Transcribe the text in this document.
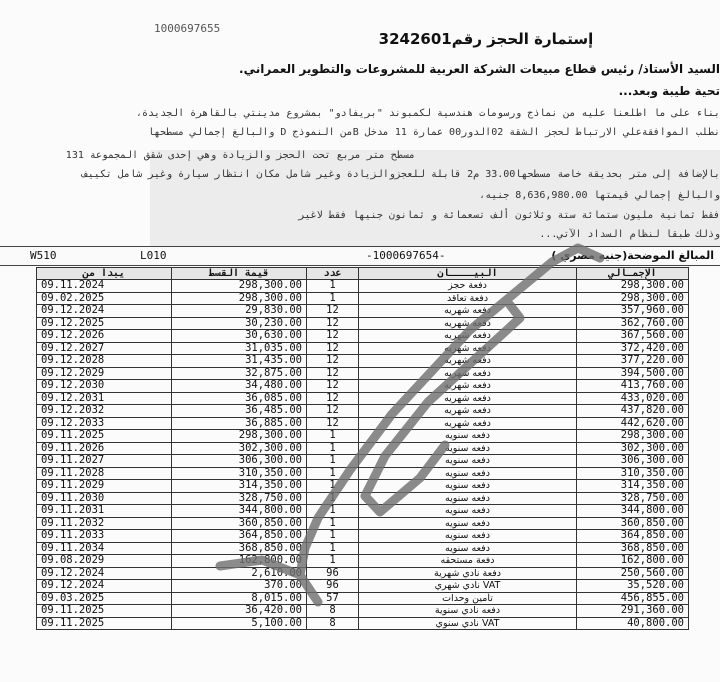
1000697655
إستمارة الحجز رقم3242601
السيد الأستاذ/ رئيس قطاع مبيعات الشركة العربية للمشروعات والتطوير العمراني.
تحية طيبة وبعد...
بناء على ما اطلعنا عليه من نماذج ورسومات هندسية لكمبوند "بريفادو" بمشروع مدينتي بالقاهرة الجديدة،
نطلب الموافقةعلي الارتباط لحجز الشقة 02الدور00 عمارة 11 مدخل Bمن النموذج D والبالغ إجمالي مسطحها
مسطح متر مربع تحت الحجز والزيادة وهي إحدى شقق المجموعة 131
بالإضافة إلى متر بحديقة خاصة مسطحها33.00 م2 قابلة للعجزوالزيادة وغير شامل مكان انتظار سيارة وغير شامل تكييف
والبالغ إجمالي قيمتها 8,636,980.00 جنيه،
فقط ثمانية مليون ستمائة ستة وثلاثون ألف تسعمائة و ثمانون جنيها فقط لاغير
وذلك طبقا لنظام السداد الآتي...
W510	L010	-1000697654-	المبالغ الموضحة(جنيه مصري )
يبدأ من	قيمة القسط	عدد	البيــــان	الإجمـالي
09.11.2024	298,300.00	1	دفعة حجز	298,300.00
09.02.2025	298,300.00	1	دفعة تعاقد	298,300.00
09.12.2024	29,830.00	12	دفعه شهريه	357,960.00
09.12.2025	30,230.00	12	دفعه شهريه	362,760.00
09.12.2026	30,630.00	12	دفعه شهريه	367,560.00
09.12.2027	31,035.00	12	دفعه شهريه	372,420.00
09.12.2028	31,435.00	12	دفعه شهريه	377,220.00
09.12.2029	32,875.00	12	دفعه شهريه	394,500.00
09.12.2030	34,480.00	12	دفعه شهريه	413,760.00
09.12.2031	36,085.00	12	دفعه شهريه	433,020.00
09.12.2032	36,485.00	12	دفعه شهريه	437,820.00
09.12.2033	36,885.00	12	دفعه شهريه	442,620.00
09.11.2025	298,300.00	1	دفعه سنويه	298,300.00
09.11.2026	302,300.00	1	دفعه سنويه	302,300.00
09.11.2027	306,300.00	1	دفعه سنويه	306,300.00
09.11.2028	310,350.00	1	دفعه سنويه	310,350.00
09.11.2029	314,350.00	1	دفعه سنويه	314,350.00
09.11.2030	328,750.00	1	دفعه سنويه	328,750.00
09.11.2031	344,800.00	1	دفعه سنويه	344,800.00
09.11.2032	360,850.00	1	دفعه سنويه	360,850.00
09.11.2033	364,850.00	1	دفعه سنويه	364,850.00
09.11.2034	368,850.00	1	دفعه سنويه	368,850.00
09.08.2029	162,800.00	1	دفعة مستحقه	162,800.00
09.12.2024	2,610.00	96	دفعة نادي شهرية	250,560.00
09.12.2024	370.00	96	VAT نادي شهري	35,520.00
09.03.2025	8,015.00	57	تأمين وحدات	456,855.00
09.11.2025	36,420.00	8	دفعه نادي سنوية	291,360.00
09.11.2025	5,100.00	8	VAT نادي سنوي	40,800.00
